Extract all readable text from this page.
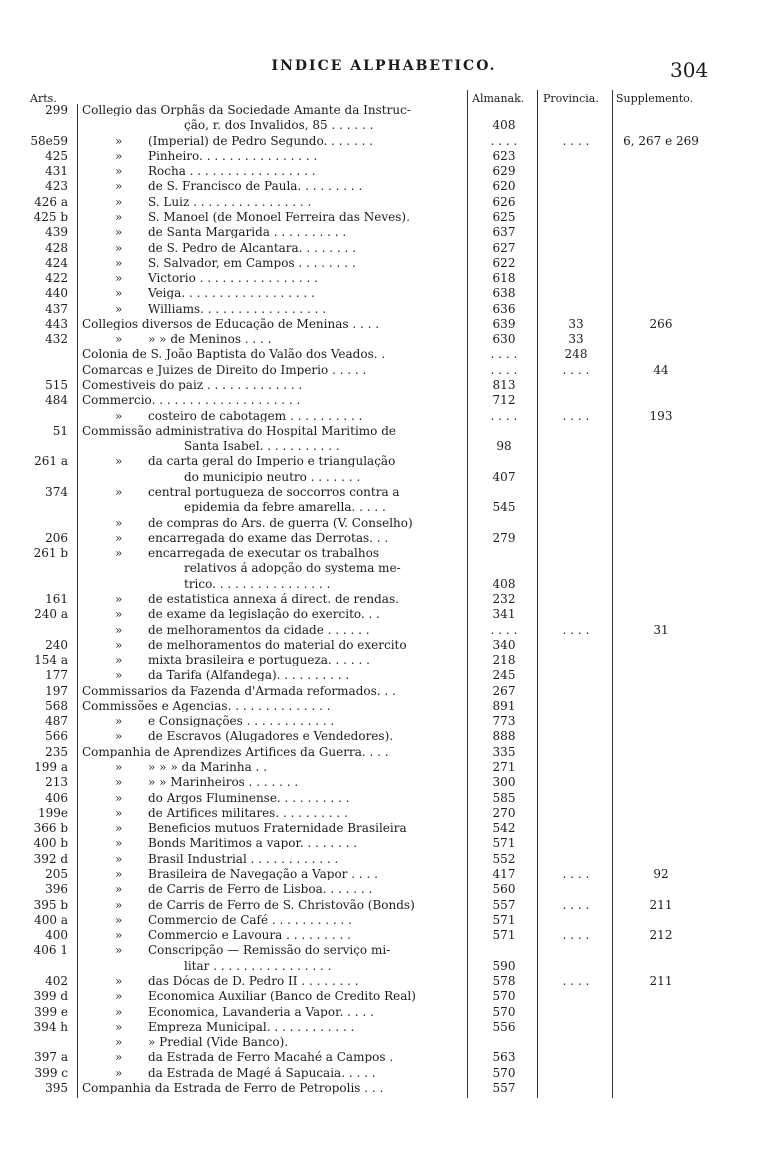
INDICE ALPHABETICO.	304
Arts.	Almanak. Provincia. Supplemento.
299 Collegio das Orphãs da Sociedade Amante da Instruc-
ção, r. dos Invalidos, 85 . . . . . .	408
58e59	» (Imperial) de Pedro Segundo. . . . . . .	. . . .	. . . .	6, 267 e 269
425	» Pinheiro. . . . . . . . . . . . . . . .	623
431	» Rocha . . . . . . . . . . . . . . . . .	629
423	» de S. Francisco de Paula. . . . . . . . .	620
426 a	» S. Luiz . . . . . . . . . . . . . . . .	626
425 b	» S. Manoel (de Monoel Ferreira das Neves).	625
439	» de Santa Margarida . . . . . . . . . .	637
428	» de S. Pedro de Alcantara. . . . . . . .	627
424	» S. Salvador, em Campos . . . . . . . .	622
422	» Victorio . . . . . . . . . . . . . . . .	618
440	» Veiga. . . . . . . . . . . . . . . . . .	638
437	» Williams. . . . . . . . . . . . . . . . .	636
443 Collegios diversos de Educação de Meninas . . . .	639	33	266
432	» » » de Meninos . . . .	630	33
Colonia de S. João Baptista do Valão dos Veados. .	. . . .	248
Comarcas e Juizes de Direito do Imperio . . . . .	. . . .	. . . .	44
515 Comestiveis do paiz . . . . . . . . . . . . .	813
484 Commercio. . . . . . . . . . . . . . . . . . . .	712
» costeiro de cabotagem . . . . . . . . . .	. . . .	. . . .	193
51 Commissão administrativa do Hospital Maritimo de
Santa Isabel. . . . . . . . . . .	98
261 a	» da carta geral do Imperio e triangulação
do municipio neutro . . . . . . .	407
374	» central portugueza de soccorros contra a
epidemia da febre amarella. . . . .	545
» de compras do Ars. de guerra (V. Conselho)
206	» encarregada do exame das Derrotas. . .	279
261 b	» encarregada de executar os trabalhos
relativos á adopção do systema me-
trico. . . . . . . . . . . . . . . .	408
161	» de estatistica annexa á direct. de rendas.	232
240 a	» de exame da legislação do exercito. . .	341
» de melhoramentos da cidade . . . . . .	. . . .	. . . .	31
240	» de melhoramentos do material do exercito	340
154 a	» mixta brasileira e portugueza. . . . . .	218
177	» da Tarifa (Alfandega). . . . . . . . . .	245
197 Commissarios da Fazenda d'Armada reformados. . .	267
568 Commissões e Agencias. . . . . . . . . . . . . .	891
487	» e Consignações . . . . . . . . . . . .	773
566	» de Escravos (Alugadores e Vendedores).	888
235 Companhia de Aprendizes Artifices da Guerra. . . .	335
199 a	» » » » da Marinha . .	271
213	» » » Marinheiros . . . . . . .	300
406	» do Argos Fluminense. . . . . . . . . .	585
199e	» de Artifices militares. . . . . . . . . .	270
366 b	» Beneficios mutuos Fraternidade Brasileira	542
400 b	» Bonds Maritimos a vapor. . . . . . . .	571
392 d	» Brasil Industrial . . . . . . . . . . . .	552
205	» Brasileira de Navegação a Vapor . . . .	417	. . . .	92
396	» de Carris de Ferro de Lisboa. . . . . . .	560
395 b	» de Carris de Ferro de S. Christovão (Bonds)	557	. . . .	211
400 a	» Commercio de Café . . . . . . . . . . .	571
400	» Commercio e Lavoura . . . . . . . . .	571	. . . .	212
406 1	» Conscripção — Remissão do serviço mi-
litar . . . . . . . . . . . . . . . .	590
402	» das Dócas de D. Pedro II . . . . . . . .	578	. . . .	211
399 d	» Economica Auxiliar (Banco de Credito Real)	570
399 e	» Economica, Lavanderia a Vapor. . . . .	570
394 h	» Empreza Municipal. . . . . . . . . . . .	556
» » Predial (Vide Banco).
397 a	» da Estrada de Ferro Macahé a Campos .	563
399 c	» da Estrada de Magé á Sapucaia. . . . .	570
395 Companhia da Estrada de Ferro de Petropolis . . .	557
